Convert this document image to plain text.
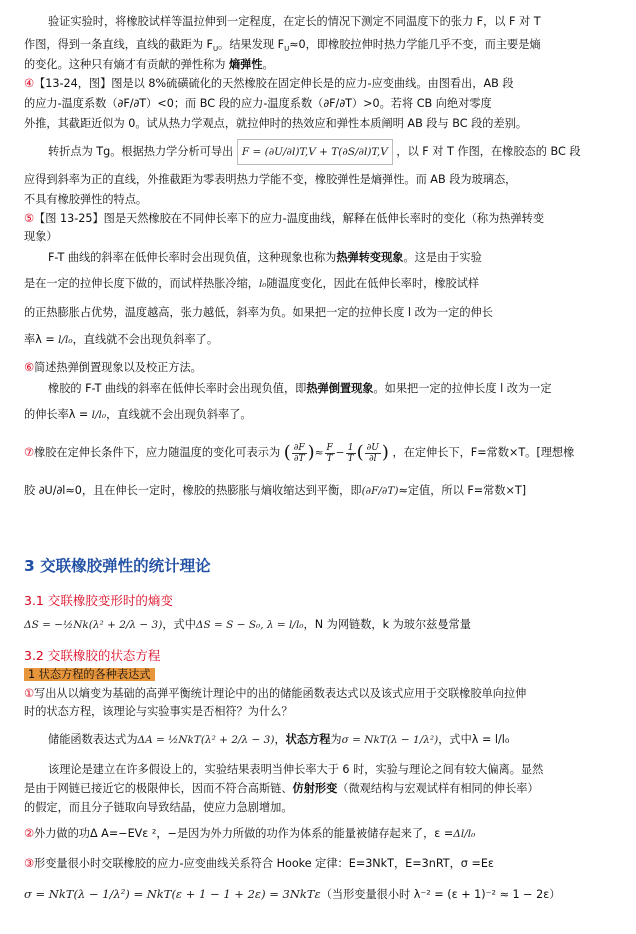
验证实验时，将橡胶试样等温拉伸到一定程度，在定长的情况下测定不同温度下的张力 F，以 F 对 T
作图，得到一条直线，直线的截距为 $F_U$。结果发现 $F_U\approx 0$，即橡胶拉伸时热力学能几乎不变，而主要是熵
的变化。这种只有熵才有贡献的弹性称为 熵弹性。
④【13-24，图】图是以 8%硫磺硫化的天然橡胶在固定伸长是的应力-应变曲线。由图看出，AB 段
的应力-温度系数（∂F/∂T）<0；而 BC 段的应力-温度系数（∂F/∂T）>0。若将 CB 向绝对零度
外推，其截距近似为 0。试从热力学观点，就拉伸时的热效应和弹性本质阐明 AB 段与 BC 段的差别。
转折点为 Tg。根据热力学分析可导出 F = (∂U/∂l)T,V + T(∂S/∂l)T,V ，以 F 对 T 作图，在橡胶态的 BC 段
应得到斜率为正的直线，外推截距为零表明热力学能不变，橡胶弹性是熵弹性。而 AB 段为玻璃态，
不具有橡胶弹性的特点。
⑤【图 13-25】图是天然橡胶在不同伸长率下的应力-温度曲线，解释在低伸长率时的变化（称为热弹转变
现象）
F-T 曲线的斜率在低伸长率时会出现负值，这种现象也称为热弹转变现象。这是由于实验
是在一定的拉伸长度下做的，而试样热胀冷缩，l₀随温度变化，因此在低伸长率时，橡胶试样
的正热膨胀占优势，温度越高，张力越低，斜率为负。如果把一定的拉伸长度 l 改为一定的伸长
率λ = l/l₀，直线就不会出现负斜率了。
⑥简述热弹倒置现象以及校正方法。
橡胶的 F-T 曲线的斜率在低伸长率时会出现负值，即热弹倒置现象。如果把一定的拉伸长度 l 改为一定
的伸长率λ = l/l₀，直线就不会出现负斜率了。
⑦橡胶在定伸长条件下，应力随温度的变化可表示为 ( $\frac{\partial F}{\partial T}$ )≈ $\frac{F}{T} - \frac{1}{T}$ ( $\frac{\partial U}{\partial l}$ ) ，在定伸长下，F=常数×T。[理想橡
胶 ∂U/∂l≈0，且在伸长一定时，橡胶的热膨胀与熵收缩达到平衡，即(∂F/∂T)≈定值，所以 F=常数×T]
3 交联橡胶弹性的统计理论
3.1 交联橡胶变形时的熵变
ΔS = −½Nk(λ² + 2/λ − 3)，式中ΔS = S − S₀, λ = l/l₀，N 为网链数，k 为玻尔兹曼常量
3.2 交联橡胶的状态方程
1 状态方程的各种表达式
①写出从以熵变为基础的高弹平衡统计理论中的出的储能函数表达式以及该式应用于交联橡胶单向拉伸
时的状态方程，该理论与实验事实是否相符？为什么？
储能函数表达式为ΔA = ½NkT(λ² + 2/λ − 3)，状态方程为σ = NkT(λ − 1/λ²)，式中λ = l/l₀
该理论是建立在许多假设上的，实验结果表明当伸长率大于 6 时，实验与理论之间有较大偏离。显然
是由于网链已接近它的极限伸长，因而不符合高斯链、仿射形变（微观结构与宏观试样有相同的伸长率）
的假定，而且分子链取向导致结晶，使应力急剧增加。
②外力做的功Δ A=−EVε ²，−是因为外力所做的功作为体系的能量被储存起来了，ε =Δl/l₀
③形变量很小时交联橡胶的应力-应变曲线关系符合 Hooke 定律：E=3NkT，E=3nRT，σ =Eε
σ = NkT(λ − 1/λ²) = NkT(ε + 1 − 1 + 2ε) = 3NkTε（当形变量很小时 λ⁻² = (ε + 1)⁻² ≈ 1 − 2ε）
